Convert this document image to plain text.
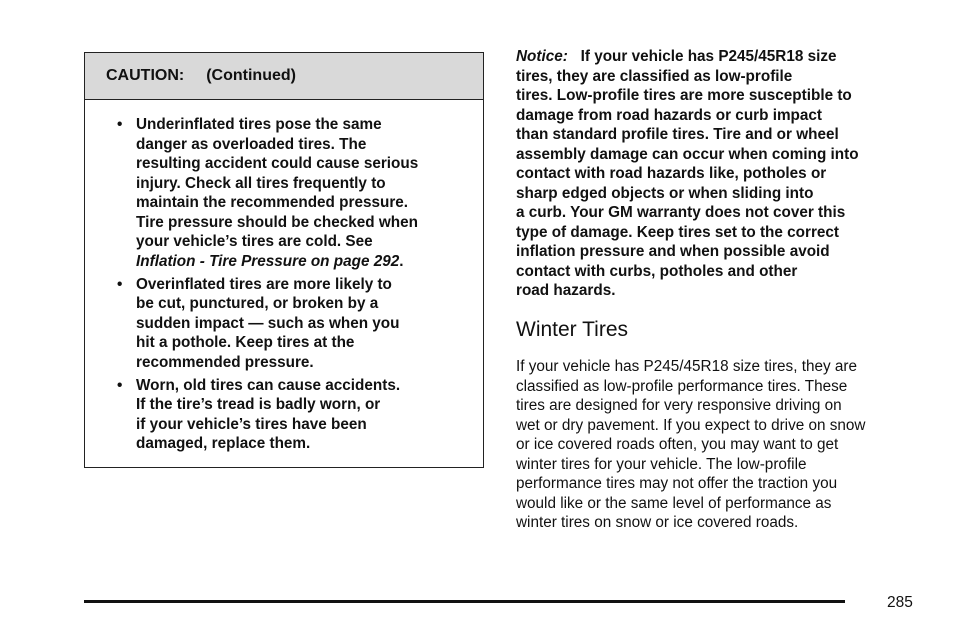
CAUTION: (Continued)
• Underinflated tires pose the same
danger as overloaded tires. The
resulting accident could cause serious
injury. Check all tires frequently to
maintain the recommended pressure.
Tire pressure should be checked when
your vehicle’s tires are cold. See
Inflation - Tire Pressure on page 292.
• Overinflated tires are more likely to
be cut, punctured, or broken by a
sudden impact — such as when you
hit a pothole. Keep tires at the
recommended pressure.
• Worn, old tires can cause accidents.
If the tire’s tread is badly worn, or
if your vehicle’s tires have been
damaged, replace them.
Notice: If your vehicle has P245/45R18 size
tires, they are classified as low-profile
tires. Low-profile tires are more susceptible to
damage from road hazards or curb impact
than standard profile tires. Tire and or wheel
assembly damage can occur when coming into
contact with road hazards like, potholes or
sharp edged objects or when sliding into
a curb. Your GM warranty does not cover this
type of damage. Keep tires set to the correct
inflation pressure and when possible avoid
contact with curbs, potholes and other
road hazards.
Winter Tires
If your vehicle has P245/45R18 size tires, they are
classified as low-profile performance tires. These
tires are designed for very responsive driving on
wet or dry pavement. If you expect to drive on snow
or ice covered roads often, you may want to get
winter tires for your vehicle. The low-profile
performance tires may not offer the traction you
would like or the same level of performance as
winter tires on snow or ice covered roads.
285
